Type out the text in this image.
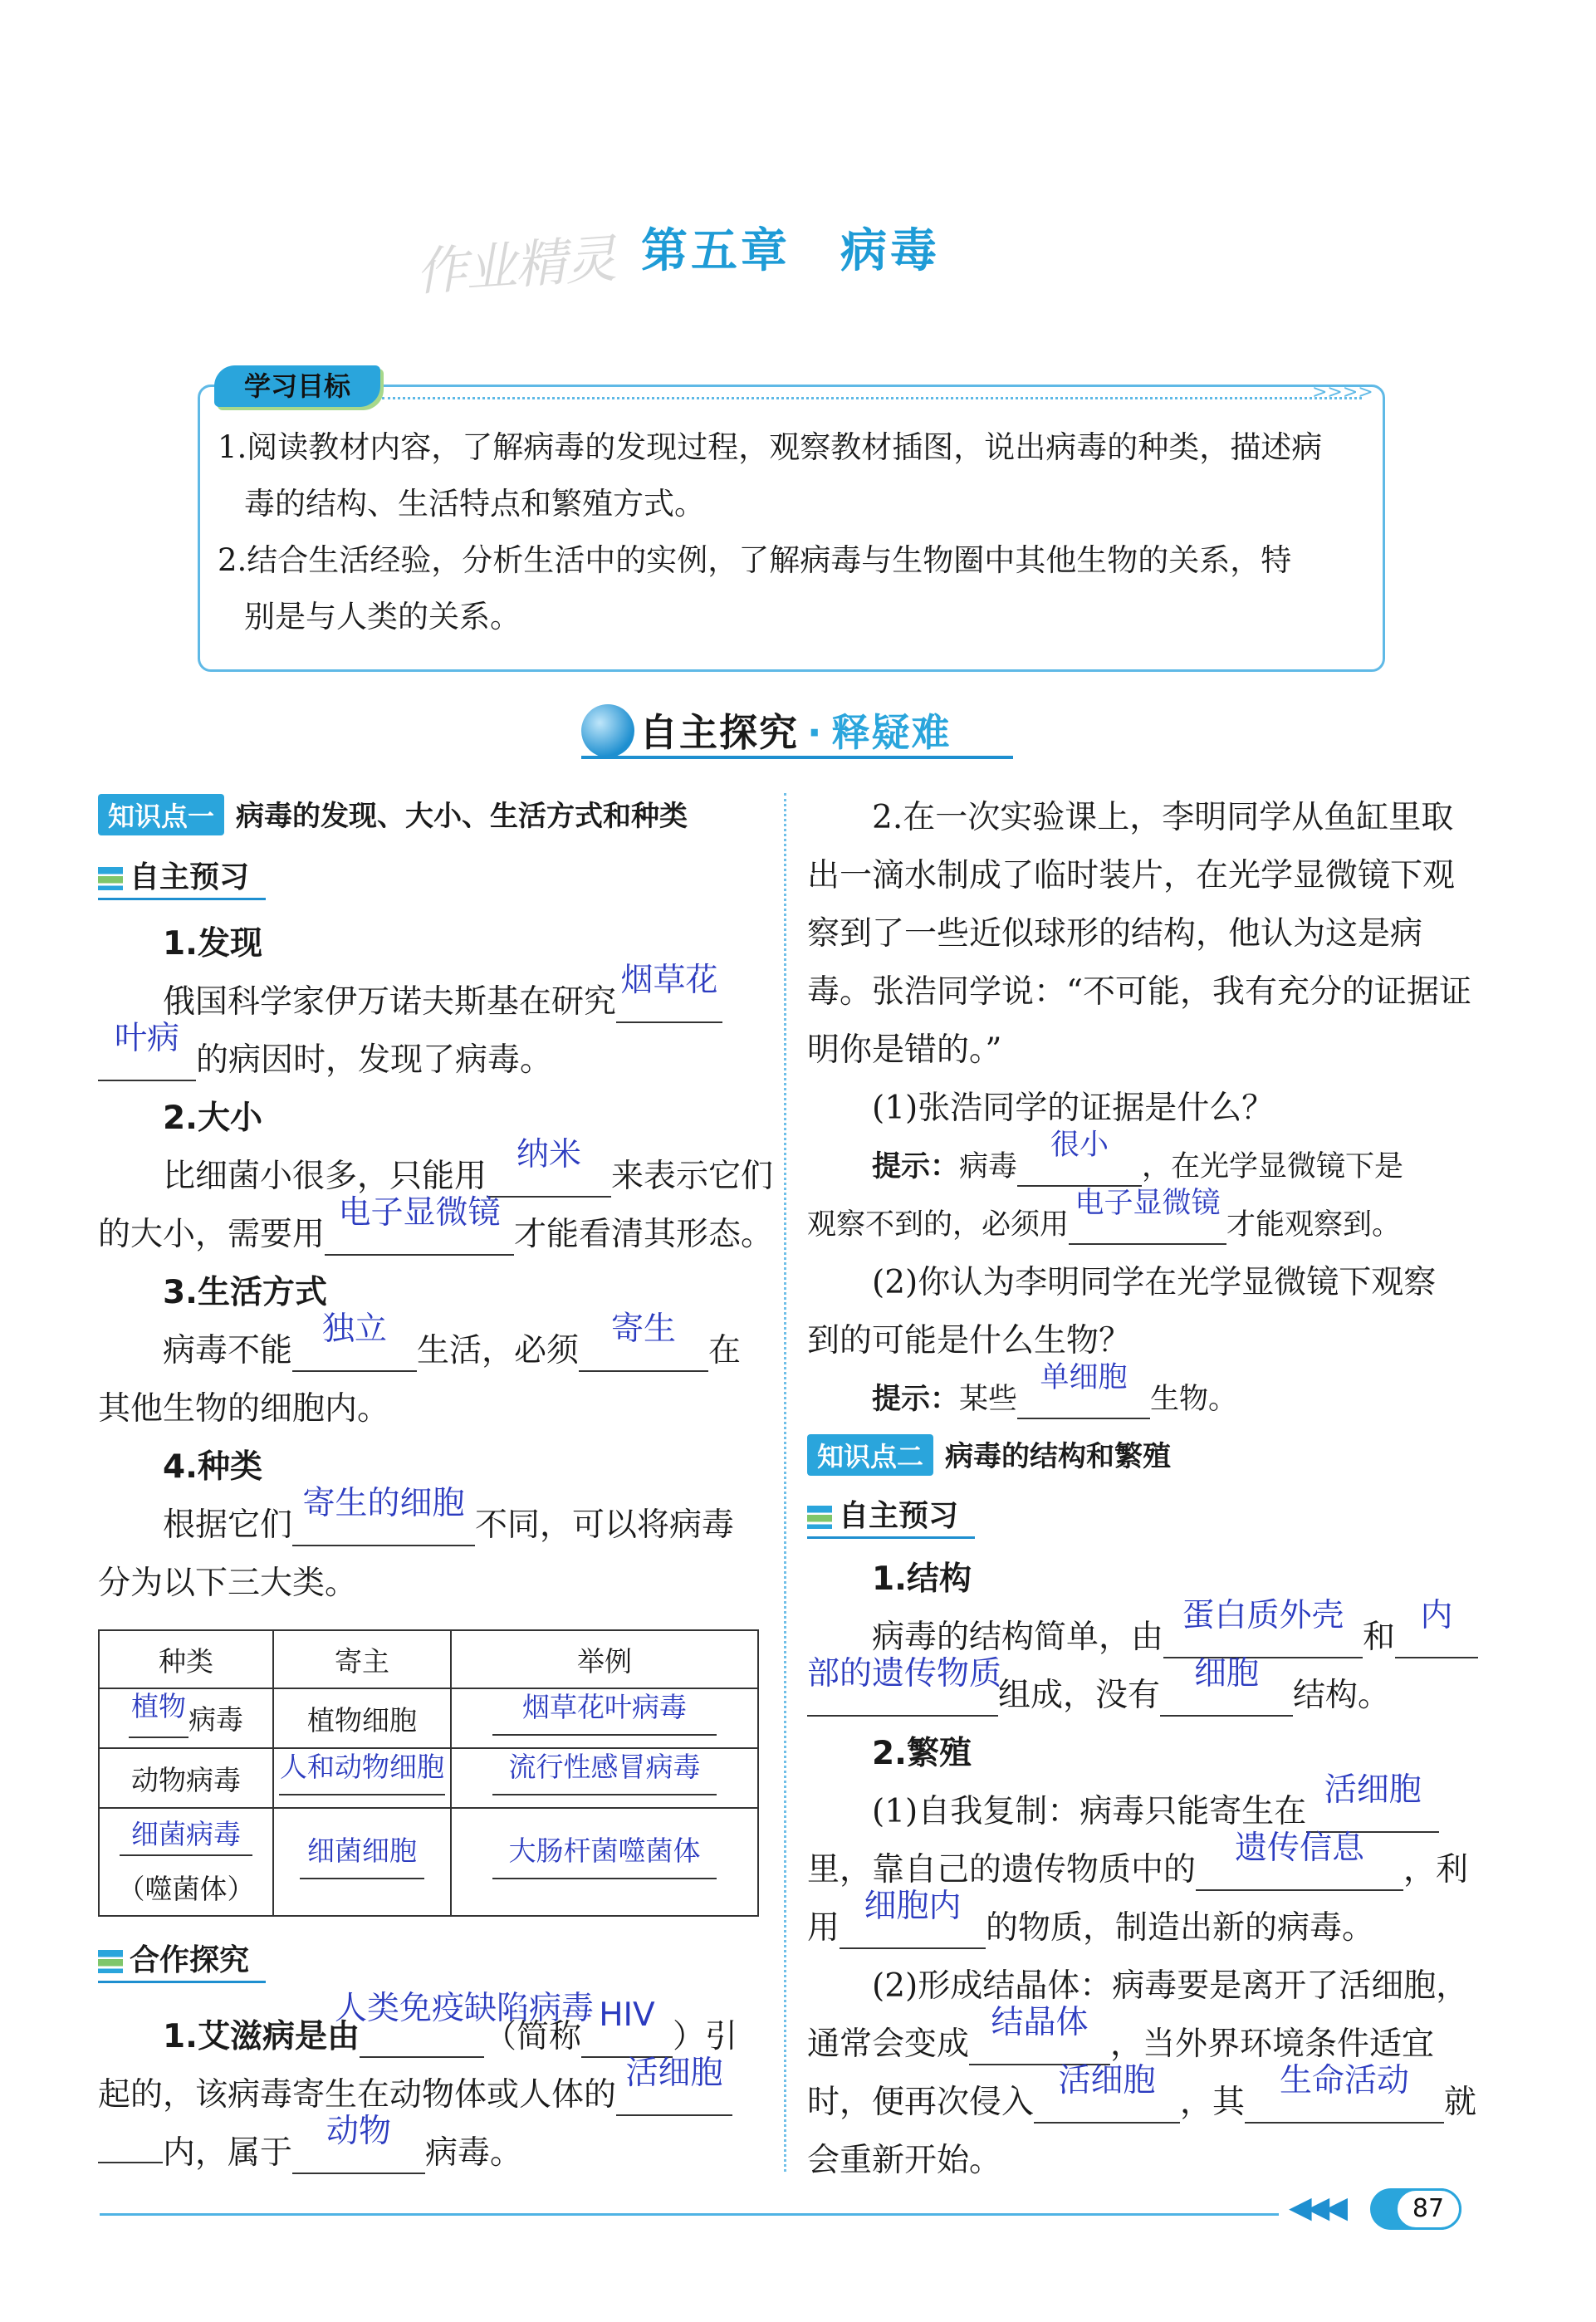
作业精灵 第五章　病毒
>>>>
学习目标
1.阅读教材内容，了解病毒的发现过程，观察教材插图，说出病毒的种类，描述病
毒的结构、生活特点和繁殖方式。
2.结合生活经验，分析生活中的实例，了解病毒与生物圈中其他生物的关系，特
别是与人类的关系。
自主探究 · 释疑难
知识点一 病毒的发现、大小、生活方式和种类
自主预习
1.发现
俄国科学家伊万诺夫斯基在研究烟草花
叶病的病因时，发现了病毒。
2.大小
比细菌小很多，只能用纳米来表示它们
的大小，需要用电子显微镜才能看清其形态。
3.生活方式
病毒不能独立生活，必须寄生在
其他生物的细胞内。
4.种类
根据它们寄生的细胞不同，可以将病毒
分为以下三大类。
种类	寄主	举例
植物病毒	植物细胞	烟草花叶病毒
动物病毒	人和动物细胞	流行性感冒病毒
细菌病毒
（噬菌体）	细菌细胞	大肠杆菌噬菌体
合作探究
1.艾滋病是由人类免疫缺陷病毒（简称HIV）引
起的，该病毒寄生在动物体或人体的活细胞
内，属于动物病毒。
2.在一次实验课上，李明同学从鱼缸里取
出一滴水制成了临时装片，在光学显微镜下观
察到了一些近似球形的结构，他认为这是病
毒。张浩同学说：“不可能，我有充分的证据证
明你是错的。”
(1)张浩同学的证据是什么？
提示：病毒很小，在光学显微镜下是
观察不到的，必须用电子显微镜才能观察到。
(2)你认为李明同学在光学显微镜下观察
到的可能是什么生物？
提示：某些单细胞生物。
知识点二 病毒的结构和繁殖
自主预习
1.结构
病毒的结构简单，由蛋白质外壳和内
部的遗传物质组成，没有细胞结构。
2.繁殖
(1)自我复制：病毒只能寄生在活细胞
里，靠自己的遗传物质中的遗传信息，利
用细胞内的物质，制造出新的病毒。
(2)形成结晶体：病毒要是离开了活细胞，
通常会变成结晶体，当外界环境条件适宜
时，便再次侵入活细胞，其生命活动就
会重新开始。
◀◀◀	87
